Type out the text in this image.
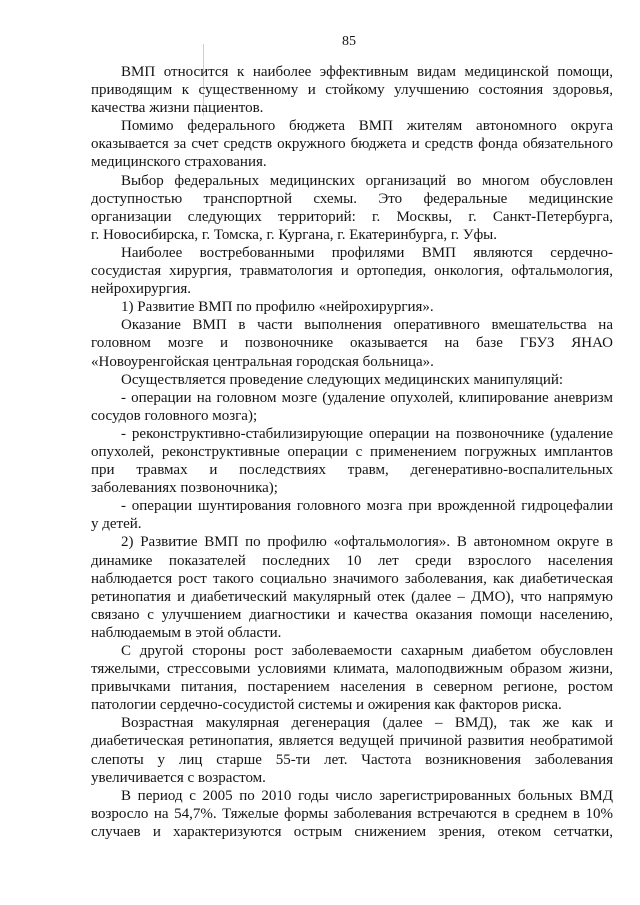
85
ВМП относится к наиболее эффективным видам медицинской помощи,
приводящим к существенному и стойкому улучшению состояния здоровья,
качества жизни пациентов.
Помимо федерального бюджета ВМП жителям автономного округа
оказывается за счет средств окружного бюджета и средств фонда обязательного
медицинского страхования.
Выбор федеральных медицинских организаций во многом обусловлен
доступностью транспортной схемы. Это федеральные медицинские
организации следующих территорий: г. Москвы, г. Санкт-Петербурга,
г. Новосибирска, г. Томска, г. Кургана, г. Екатеринбурга, г. Уфы.
Наиболее востребованными профилями ВМП являются сердечно-
сосудистая хирургия, травматология и ортопедия, онкология, офтальмология,
нейрохирургия.
1) Развитие ВМП по профилю «нейрохирургия».
Оказание ВМП в части выполнения оперативного вмешательства на
головном мозге и позвоночнике оказывается на базе ГБУЗ ЯНАО
«Новоуренгойская центральная городская больница».
Осуществляется проведение следующих медицинских манипуляций:
- операции на головном мозге (удаление опухолей, клипирование аневризм
сосудов головного мозга);
- реконструктивно-стабилизирующие операции на позвоночнике (удаление
опухолей, реконструктивные операции с применением погружных имплантов
при травмах и последствиях травм, дегенеративно-воспалительных
заболеваниях позвоночника);
- операции шунтирования головного мозга при врожденной гидроцефалии
у детей.
2) Развитие ВМП по профилю «офтальмология». В автономном округе в
динамике показателей последних 10 лет среди взрослого населения
наблюдается рост такого социально значимого заболевания, как диабетическая
ретинопатия и диабетический макулярный отек (далее – ДМО), что напрямую
связано с улучшением диагностики и качества оказания помощи населению,
наблюдаемым в этой области.
С другой стороны рост заболеваемости сахарным диабетом обусловлен
тяжелыми, стрессовыми условиями климата, малоподвижным образом жизни,
привычками питания, постарением населения в северном регионе, ростом
патологии сердечно-сосудистой системы и ожирения как факторов риска.
Возрастная макулярная дегенерация (далее – ВМД), так же как и
диабетическая ретинопатия, является ведущей причиной развития необратимой
слепоты у лиц старше 55-ти лет. Частота возникновения заболевания
увеличивается с возрастом.
В период с 2005 по 2010 годы число зарегистрированных больных ВМД
возросло на 54,7%. Тяжелые формы заболевания встречаются в среднем в 10%
случаев и характеризуются острым снижением зрения, отеком сетчатки,
